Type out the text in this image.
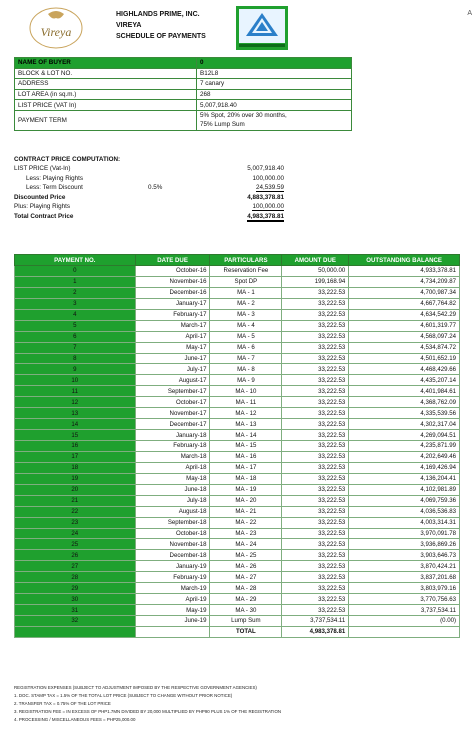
Vireya
HIGHLANDS PRIME, INC.
VIREYA
SCHEDULE OF PAYMENTS
A
NAME OF BUYER	0
BLOCK & LOT NO.	B12L8
ADDRESS	7 canary
LOT AREA (in sq.m.)	268
LIST PRICE (VAT In)	5,007,918.40
PAYMENT TERM	5% Spot, 20% over 30 months,
75% Lump Sum
CONTRACT PRICE COMPUTATION:
LIST PRICE (Vat-In)	5,007,918.40
Less: Playing Rights	100,000.00
Less: Term Discount	0.5%	24,539.59
Discounted Price	4,883,378.81
Plus: Playing Rights	100,000.00
Total Contract Price	4,983,378.81
PAYMENT NO.	DATE DUE	PARTICULARS	AMOUNT DUE	OUTSTANDING BALANCE
0	October-16	Reservation Fee	50,000.00	4,933,378.81
1	November-16	Spot DP	199,168.94	4,734,209.87
2	December-16	MA - 1	33,222.53	4,700,987.34
3	January-17	MA - 2	33,222.53	4,667,764.82
4	February-17	MA - 3	33,222.53	4,634,542.29
5	March-17	MA - 4	33,222.53	4,601,319.77
6	April-17	MA - 5	33,222.53	4,568,097.24
7	May-17	MA - 6	33,222.53	4,534,874.72
8	June-17	MA - 7	33,222.53	4,501,652.19
9	July-17	MA - 8	33,222.53	4,468,429.66
10	August-17	MA - 9	33,222.53	4,435,207.14
11	September-17	MA - 10	33,222.53	4,401,984.61
12	October-17	MA - 11	33,222.53	4,368,762.09
13	November-17	MA - 12	33,222.53	4,335,539.56
14	December-17	MA - 13	33,222.53	4,302,317.04
15	January-18	MA - 14	33,222.53	4,269,094.51
16	February-18	MA - 15	33,222.53	4,235,871.99
17	March-18	MA - 16	33,222.53	4,202,649.46
18	April-18	MA - 17	33,222.53	4,169,426.94
19	May-18	MA - 18	33,222.53	4,136,204.41
20	June-18	MA - 19	33,222.53	4,102,981.89
21	July-18	MA - 20	33,222.53	4,069,759.36
22	August-18	MA - 21	33,222.53	4,036,536.83
23	September-18	MA - 22	33,222.53	4,003,314.31
24	October-18	MA - 23	33,222.53	3,970,091.78
25	November-18	MA - 24	33,222.53	3,936,869.26
26	December-18	MA - 25	33,222.53	3,903,646.73
27	January-19	MA - 26	33,222.53	3,870,424.21
28	February-19	MA - 27	33,222.53	3,837,201.68
29	March-19	MA - 28	33,222.53	3,803,979.16
30	April-19	MA - 29	33,222.53	3,770,756.63
31	May-19	MA - 30	33,222.53	3,737,534.11
32	June-19	Lump Sum	3,737,534.11	(0.00)
		TOTAL	4,983,378.81	
REGISTRATION EXPENSES (SUBJECT TO ADJUSTMENT IMPOSED BY THE RESPECTIVE GOVERNMENT AGENCIES)
1. DOC. STAMP TAX = 1.5% OF THE TOTAL LOT PRICE (SUBJECT TO CHANGE WITHOUT PRIOR NOTICE)
2. TRANSFER TAX = 0.75% OF THE LOT PRICE
3. REGISTRATION FEE = IN EXCESS OF PHP1.7MN DIVIDED BY 20,000 MULTIPLIED BY PHP90 PLUS 1% OF THE REGISTRATION
4. PROCESSING / MISCELLANEOUS FEES = PHP25,000.00
